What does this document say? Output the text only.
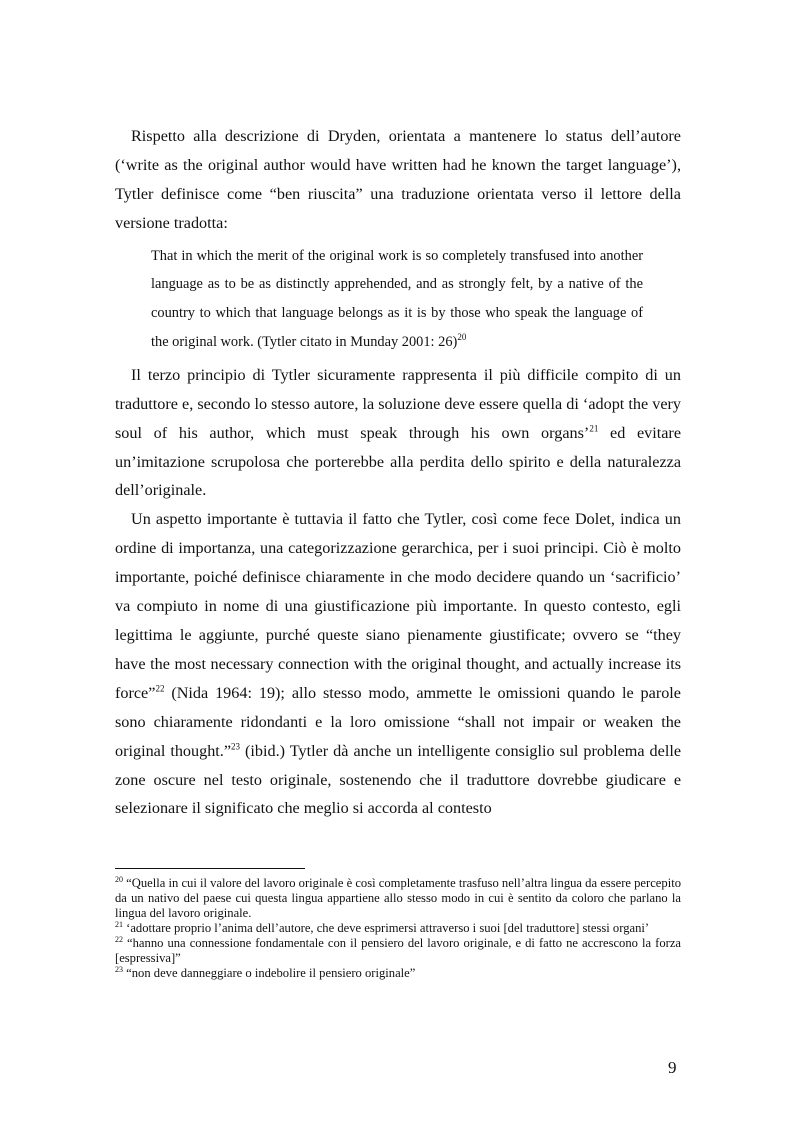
Rispetto alla descrizione di Dryden, orientata a mantenere lo status dell’autore (‘write as the original author would have written had he known the target language’), Tytler definisce come “ben riuscita” una traduzione orientata verso il lettore della versione tradotta:

That in which the merit of the original work is so completely transfused into another language as to be as distinctly apprehended, and as strongly felt, by a native of the country to which that language belongs as it is by those who speak the language of the original work. (Tytler citato in Munday 2001: 26)$^{20}$

Il terzo principio di Tytler sicuramente rappresenta il più difficile compito di un traduttore e, secondo lo stesso autore, la soluzione deve essere quella di ‘adopt the very soul of his author, which must speak through his own organs’$^{21}$ ed evitare un’imitazione scrupolosa che porterebbe alla perdita dello spirito e della naturalezza dell’originale.

Un aspetto importante è tuttavia il fatto che Tytler, così come fece Dolet, indica un ordine di importanza, una categorizzazione gerarchica, per i suoi principi. Ciò è molto importante, poiché definisce chiaramente in che modo decidere quando un ‘sacrificio’ va compiuto in nome di una giustificazione più importante. In questo contesto, egli legittima le aggiunte, purché queste siano pienamente giustificate; ovvero se “they have the most necessary connection with the original thought, and actually increase its force”$^{22}$ (Nida 1964: 19); allo stesso modo, ammette le omissioni quando le parole sono chiaramente ridondanti e la loro omissione “shall not impair or weaken the original thought.”$^{23}$ (ibid.) Tytler dà anche un intelligente consiglio sul problema delle zone oscure nel testo originale, sostenendo che il traduttore dovrebbe giudicare e selezionare il significato che meglio si accorda al contesto

$^{20}$ “Quella in cui il valore del lavoro originale è così completamente trasfuso nell’altra lingua da essere percepito da un nativo del paese cui questa lingua appartiene allo stesso modo in cui è sentito da coloro che parlano la lingua del lavoro originale.

$^{21}$ ‘adottare proprio l’anima dell’autore, che deve esprimersi attraverso i suoi [del traduttore] stessi organi’

$^{22}$ “hanno una connessione fondamentale con il pensiero del lavoro originale, e di fatto ne accrescono la forza [espressiva]”

$^{23}$ “non deve danneggiare o indebolire il pensiero originale”

9
